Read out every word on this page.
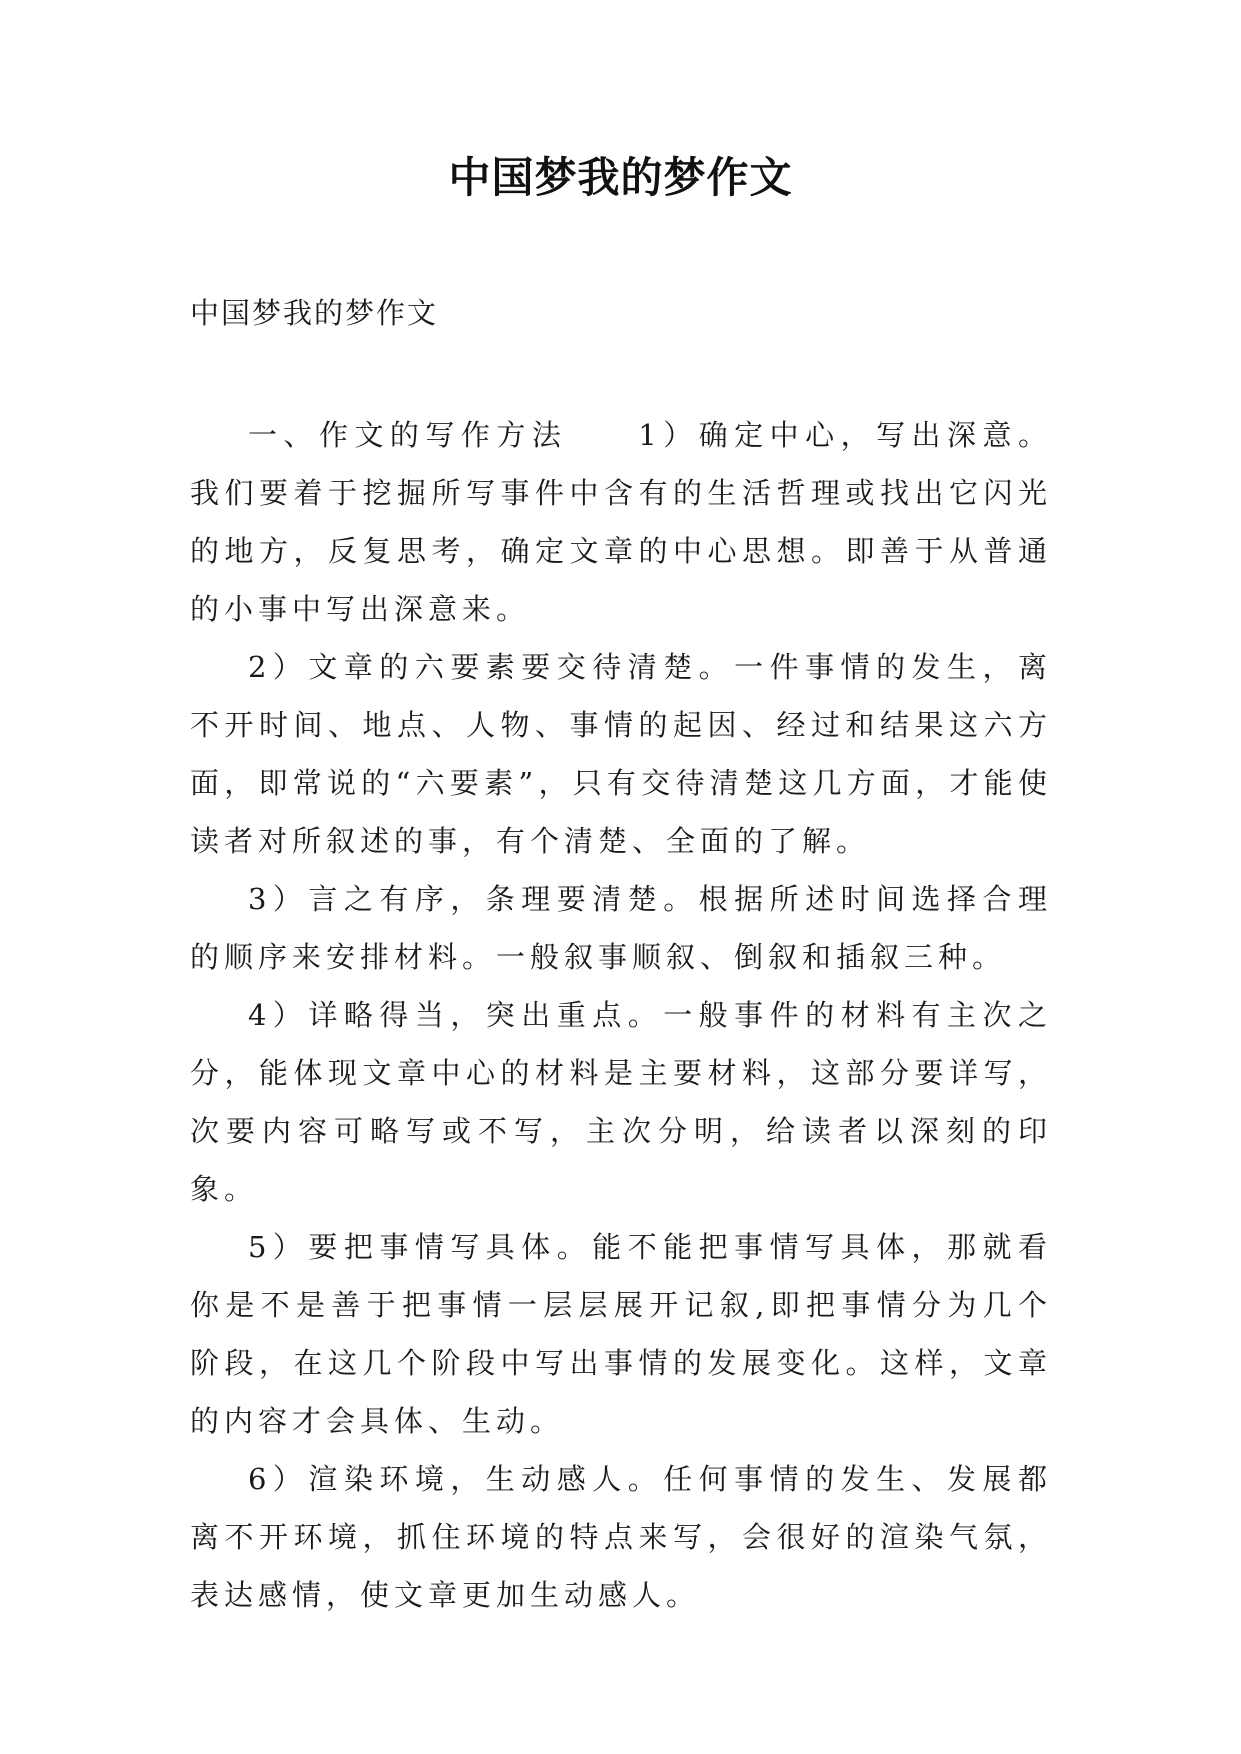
中国梦我的梦作文
中国梦我的梦作文

一、作文的写作方法　　1）确定中心，写出深意。我们要着于挖掘所写事件中含有的生活哲理或找出它闪光的地方，反复思考，确定文章的中心思想。即善于从普通的小事中写出深意来。

2）文章的六要素要交待清楚。一件事情的发生，离不开时间、地点、人物、事情的起因、经过和结果这六方面，即常说的“六要素”，只有交待清楚这几方面，才能使读者对所叙述的事，有个清楚、全面的了解。

3）言之有序，条理要清楚。根据所述时间选择合理的顺序来安排材料。一般叙事顺叙、倒叙和插叙三种。

4）详略得当，突出重点。一般事件的材料有主次之分，能体现文章中心的材料是主要材料，这部分要详写，次要内容可略写或不写，主次分明，给读者以深刻的印象。

5）要把事情写具体。能不能把事情写具体，那就看你是不是善于把事情一层层展开记叙,即把事情分为几个阶段，在这几个阶段中写出事情的发展变化。这样，文章的内容才会具体、生动。

6）渲染环境，生动感人。任何事情的发生、发展都离不开环境，抓住环境的特点来写，会很好的渲染气氛，表达感情，使文章更加生动感人。
